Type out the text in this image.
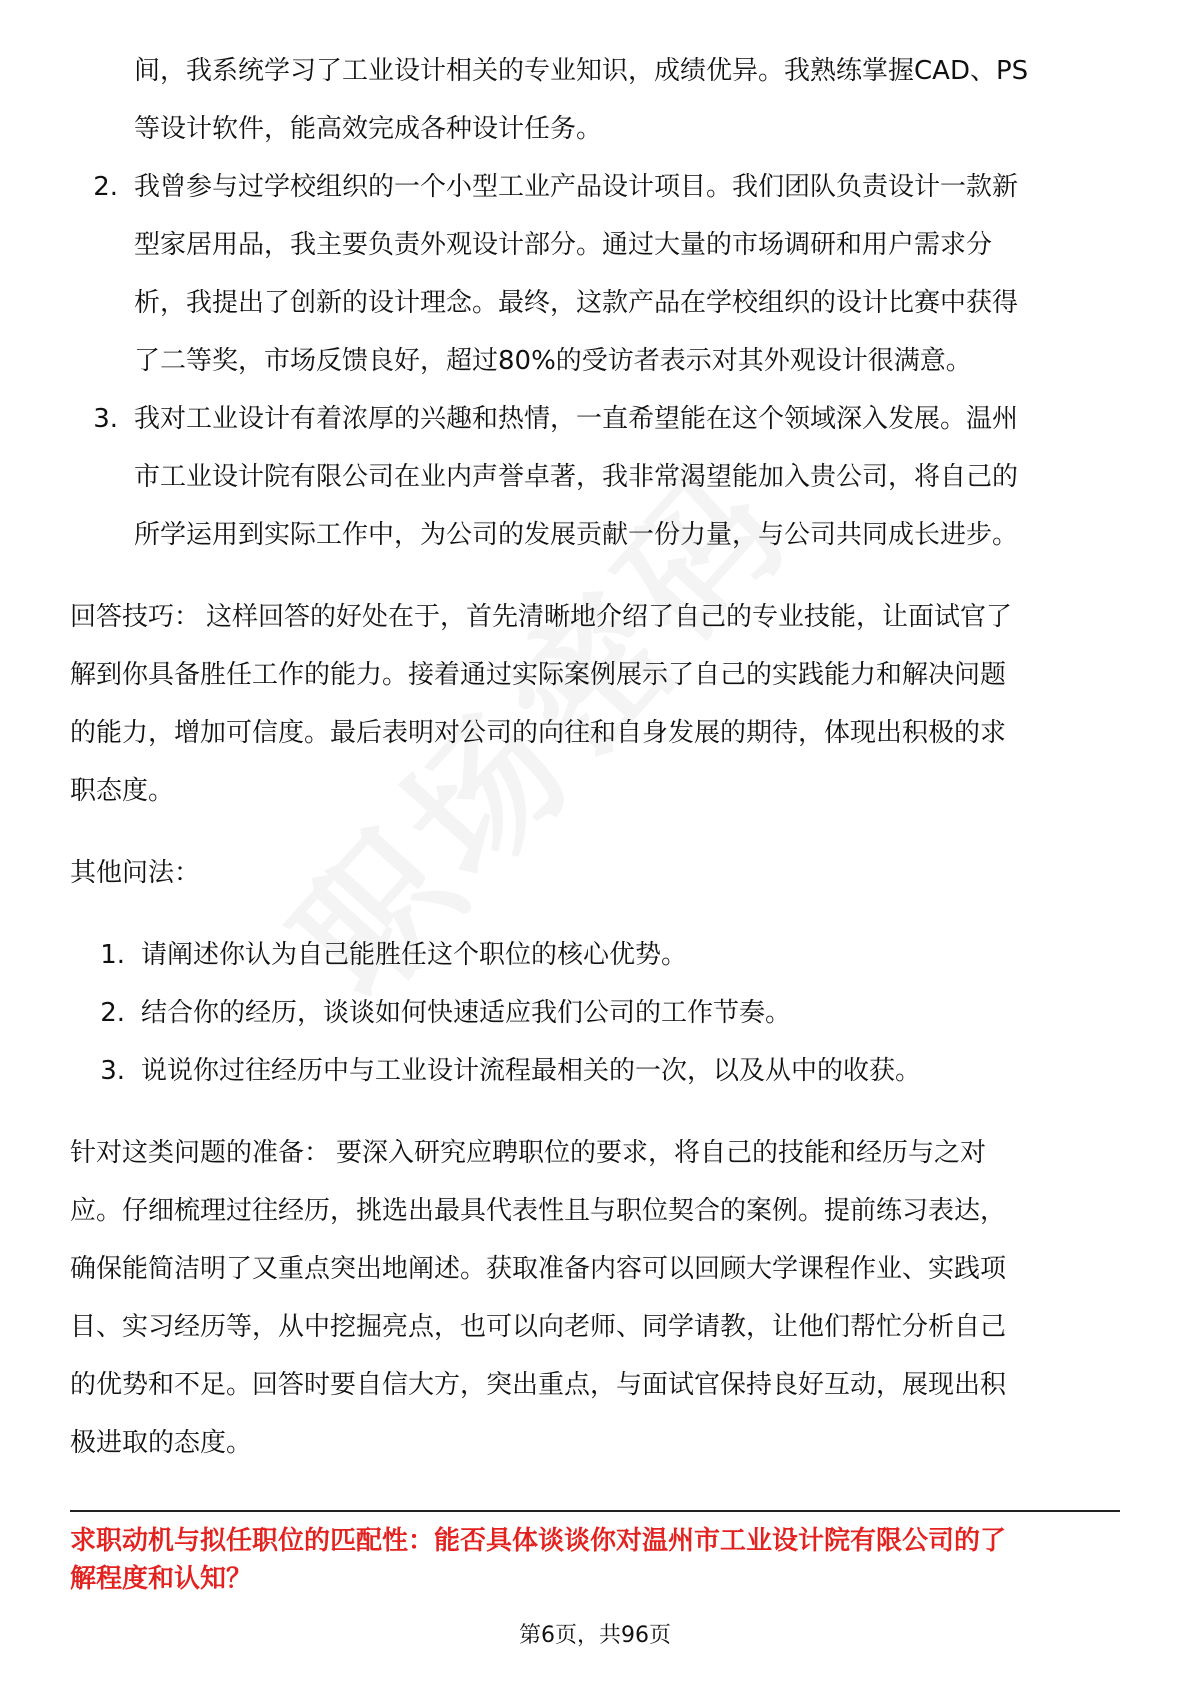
间，我系统学习了工业设计相关的专业知识，成绩优异。我熟练掌握CAD、PS
等设计软件，能高效完成各种设计任务。
2. 我曾参与过学校组织的一个小型工业产品设计项目。我们团队负责设计一款新
型家居用品，我主要负责外观设计部分。通过大量的市场调研和用户需求分
析，我提出了创新的设计理念。最终，这款产品在学校组织的设计比赛中获得
了二等奖，市场反馈良好，超过80%的受访者表示对其外观设计很满意。
3. 我对工业设计有着浓厚的兴趣和热情，一直希望能在这个领域深入发展。温州
市工业设计院有限公司在业内声誉卓著，我非常渴望能加入贵公司，将自己的
所学运用到实际工作中，为公司的发展贡献一份力量，与公司共同成长进步。
回答技巧： 这样回答的好处在于，首先清晰地介绍了自己的专业技能，让面试官了
解到你具备胜任工作的能力。接着通过实际案例展示了自己的实践能力和解决问题
的能力，增加可信度。最后表明对公司的向往和自身发展的期待，体现出积极的求
职态度。
其他问法：
1. 请阐述你认为自己能胜任这个职位的核心优势。
2. 结合你的经历，谈谈如何快速适应我们公司的工作节奏。
3. 说说你过往经历中与工业设计流程最相关的一次，以及从中的收获。
针对这类问题的准备： 要深入研究应聘职位的要求，将自己的技能和经历与之对
应。仔细梳理过往经历，挑选出最具代表性且与职位契合的案例。提前练习表达，
确保能简洁明了又重点突出地阐述。获取准备内容可以回顾大学课程作业、实践项
目、实习经历等，从中挖掘亮点，也可以向老师、同学请教，让他们帮忙分析自己
的优势和不足。回答时要自信大方，突出重点，与面试官保持良好互动，展现出积
极进取的态度。
求职动机与拟任职位的匹配性：能否具体谈谈你对温州市工业设计院有限公司的了
解程度和认知？
第6页，共96页
